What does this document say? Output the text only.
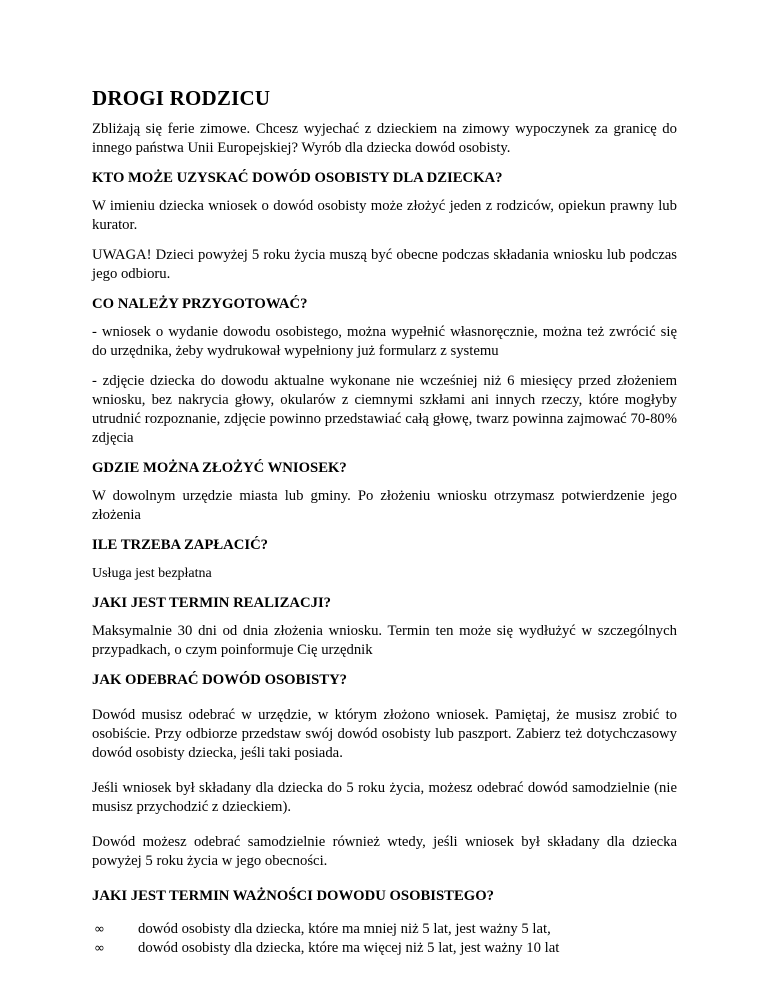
DROGI RODZICU

Zbliżają się ferie zimowe. Chcesz wyjechać z dzieckiem na zimowy wypoczynek za granicę do innego państwa Unii Europejskiej? Wyrób dla dziecka dowód osobisty.

KTO MOŻE UZYSKAĆ DOWÓD OSOBISTY DLA DZIECKA?

W imieniu dziecka wniosek o dowód osobisty może złożyć jeden z rodziców, opiekun prawny lub kurator.

UWAGA! Dzieci powyżej 5 roku życia muszą być obecne podczas składania wniosku lub podczas jego odbioru.

CO NALEŻY PRZYGOTOWAĆ?

- wniosek o wydanie dowodu osobistego, można wypełnić własnoręcznie, można też zwrócić się do urzędnika, żeby wydrukował wypełniony już formularz z systemu

- zdjęcie dziecka do dowodu aktualne wykonane nie wcześniej niż 6 miesięcy przed złożeniem wniosku, bez nakrycia głowy, okularów z ciemnymi szkłami ani innych rzeczy, które mogłyby utrudnić rozpoznanie, zdjęcie powinno przedstawiać całą głowę, twarz powinna zajmować 70-80% zdjęcia

GDZIE MOŻNA ZŁOŻYĆ WNIOSEK?

W dowolnym urzędzie miasta lub gminy. Po złożeniu wniosku otrzymasz potwierdzenie jego złożenia

ILE TRZEBA ZAPŁACIĆ?

Usługa jest bezpłatna

JAKI JEST TERMIN REALIZACJI?

Maksymalnie 30 dni od dnia złożenia wniosku. Termin ten może się wydłużyć w szczególnych przypadkach, o czym poinformuje Cię urzędnik

JAK ODEBRAĆ DOWÓD OSOBISTY?

Dowód musisz odebrać w urzędzie, w którym złożono wniosek. Pamiętaj, że musisz zrobić to osobiście. Przy odbiorze przedstaw swój dowód osobisty lub paszport. Zabierz też dotychczasowy dowód osobisty dziecka, jeśli taki posiada.

Jeśli wniosek był składany dla dziecka do 5 roku życia, możesz odebrać dowód samodzielnie (nie musisz przychodzić z dzieckiem).

Dowód możesz odebrać samodzielnie również wtedy, jeśli wniosek był składany dla dziecka powyżej 5 roku życia w jego obecności.

JAKI JEST TERMIN WAŻNOŚCI DOWODU OSOBISTEGO?
∞ dowód osobisty dla dziecka, które ma mniej niż 5 lat, jest ważny 5 lat,
∞ dowód osobisty dla dziecka, które ma więcej niż 5 lat, jest ważny 10 lat
